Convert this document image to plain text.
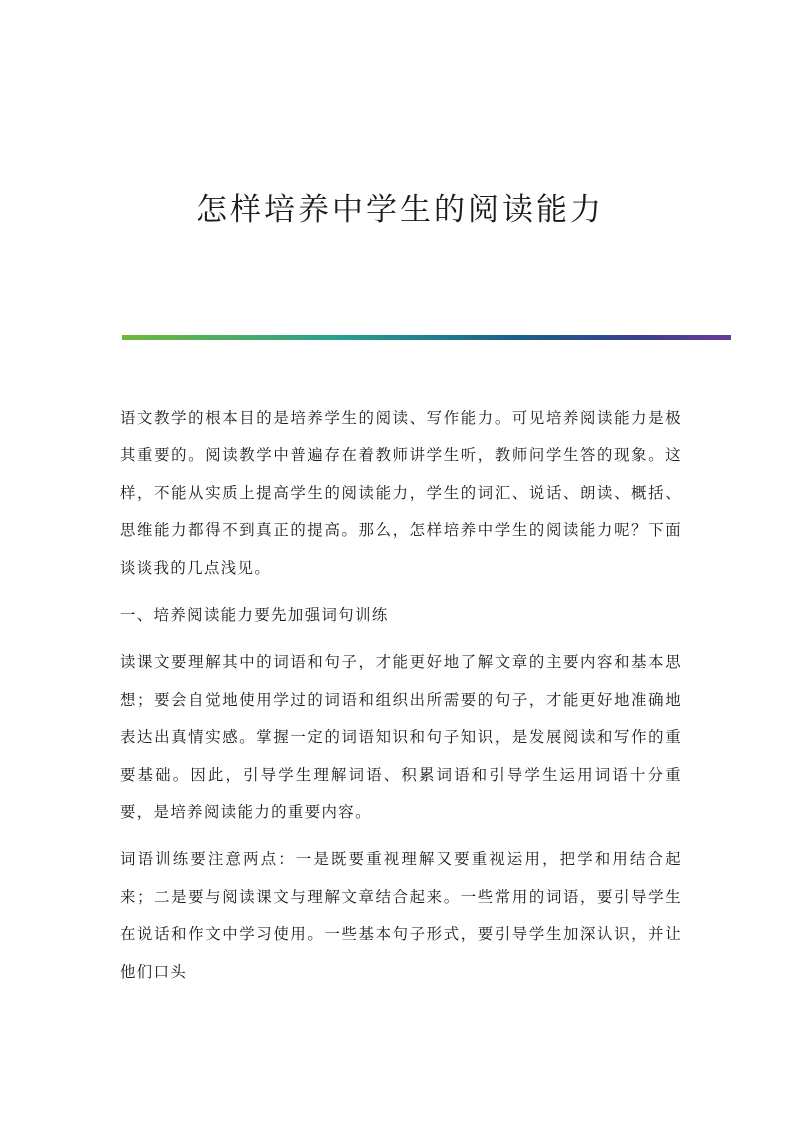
怎样培养中学生的阅读能力

语文教学的根本目的是培养学生的阅读、写作能力。可见培养阅读能力是极其重要的。阅读教学中普遍存在着教师讲学生听，教师问学生答的现象。这样，不能从实质上提高学生的阅读能力，学生的词汇、说话、朗读、概括、思维能力都得不到真正的提高。那么，怎样培养中学生的阅读能力呢？下面谈谈我的几点浅见。

一、培养阅读能力要先加强词句训练

读课文要理解其中的词语和句子，才能更好地了解文章的主要内容和基本思想；要会自觉地使用学过的词语和组织出所需要的句子，才能更好地准确地表达出真情实感。掌握一定的词语知识和句子知识，是发展阅读和写作的重要基础。因此，引导学生理解词语、积累词语和引导学生运用词语十分重要，是培养阅读能力的重要内容。

词语训练要注意两点：一是既要重视理解又要重视运用，把学和用结合起来；二是要与阅读课文与理解文章结合起来。一些常用的词语，要引导学生在说话和作文中学习使用。一些基本句子形式，要引导学生加深认识，并让他们口头
